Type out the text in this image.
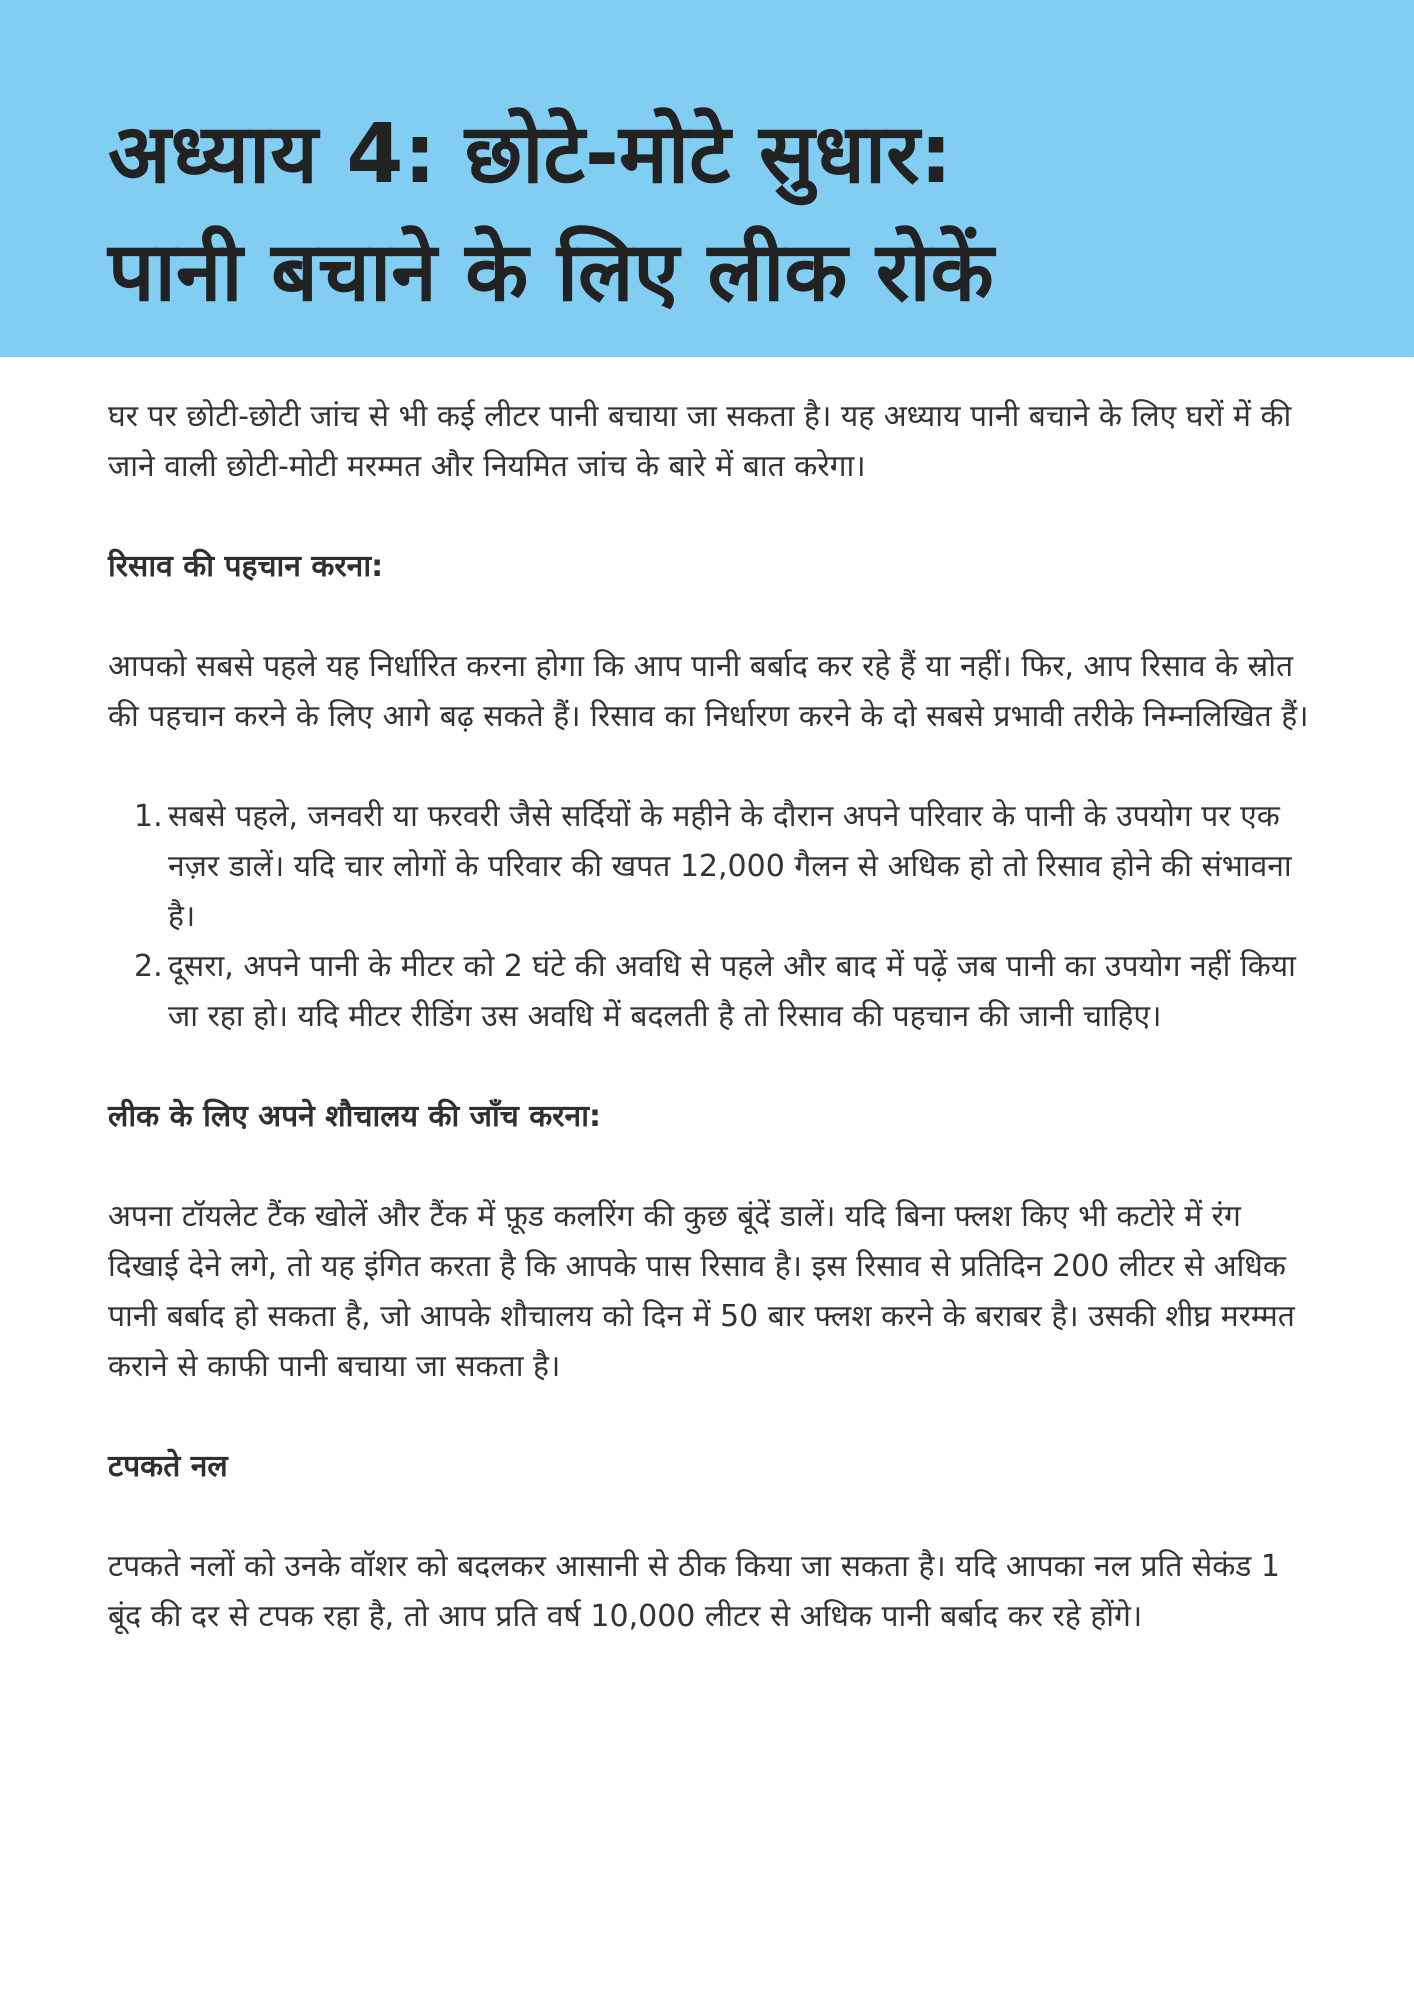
अध्याय 4: छोटे-मोटे सुधार:
पानी बचाने के लिए लीक रोकें

घर पर छोटी-छोटी जांच से भी कई लीटर पानी बचाया जा सकता है। यह अध्याय पानी बचाने के लिए घरों में की जाने वाली छोटी-मोटी मरम्मत और नियमित जांच के बारे में बात करेगा।

रिसाव की पहचान करना:

आपको सबसे पहले यह निर्धारित करना होगा कि आप पानी बर्बाद कर रहे हैं या नहीं। फिर, आप रिसाव के स्रोत की पहचान करने के लिए आगे बढ़ सकते हैं। रिसाव का निर्धारण करने के दो सबसे प्रभावी तरीके निम्नलिखित हैं।

1. सबसे पहले, जनवरी या फरवरी जैसे सर्दियों के महीने के दौरान अपने परिवार के पानी के उपयोग पर एक नज़र डालें। यदि चार लोगों के परिवार की खपत 12,000 गैलन से अधिक हो तो रिसाव होने की संभावना है।
2. दूसरा, अपने पानी के मीटर को 2 घंटे की अवधि से पहले और बाद में पढ़ें जब पानी का उपयोग नहीं किया जा रहा हो। यदि मीटर रीडिंग उस अवधि में बदलती है तो रिसाव की पहचान की जानी चाहिए।
लीक के लिए अपने शौचालय की जाँच करना:

अपना टॉयलेट टैंक खोलें और टैंक में फ़ूड कलरिंग की कुछ बूंदें डालें। यदि बिना फ्लश किए भी कटोरे में रंग दिखाई देने लगे, तो यह इंगित करता है कि आपके पास रिसाव है। इस रिसाव से प्रतिदिन 200 लीटर से अधिक पानी बर्बाद हो सकता है, जो आपके शौचालय को दिन में 50 बार फ्लश करने के बराबर है। उसकी शीघ्र मरम्मत कराने से काफी पानी बचाया जा सकता है।

टपकते नल

टपकते नलों को उनके वॉशर को बदलकर आसानी से ठीक किया जा सकता है। यदि आपका नल प्रति सेकंड 1 बूंद की दर से टपक रहा है, तो आप प्रति वर्ष 10,000 लीटर से अधिक पानी बर्बाद कर रहे होंगे।
